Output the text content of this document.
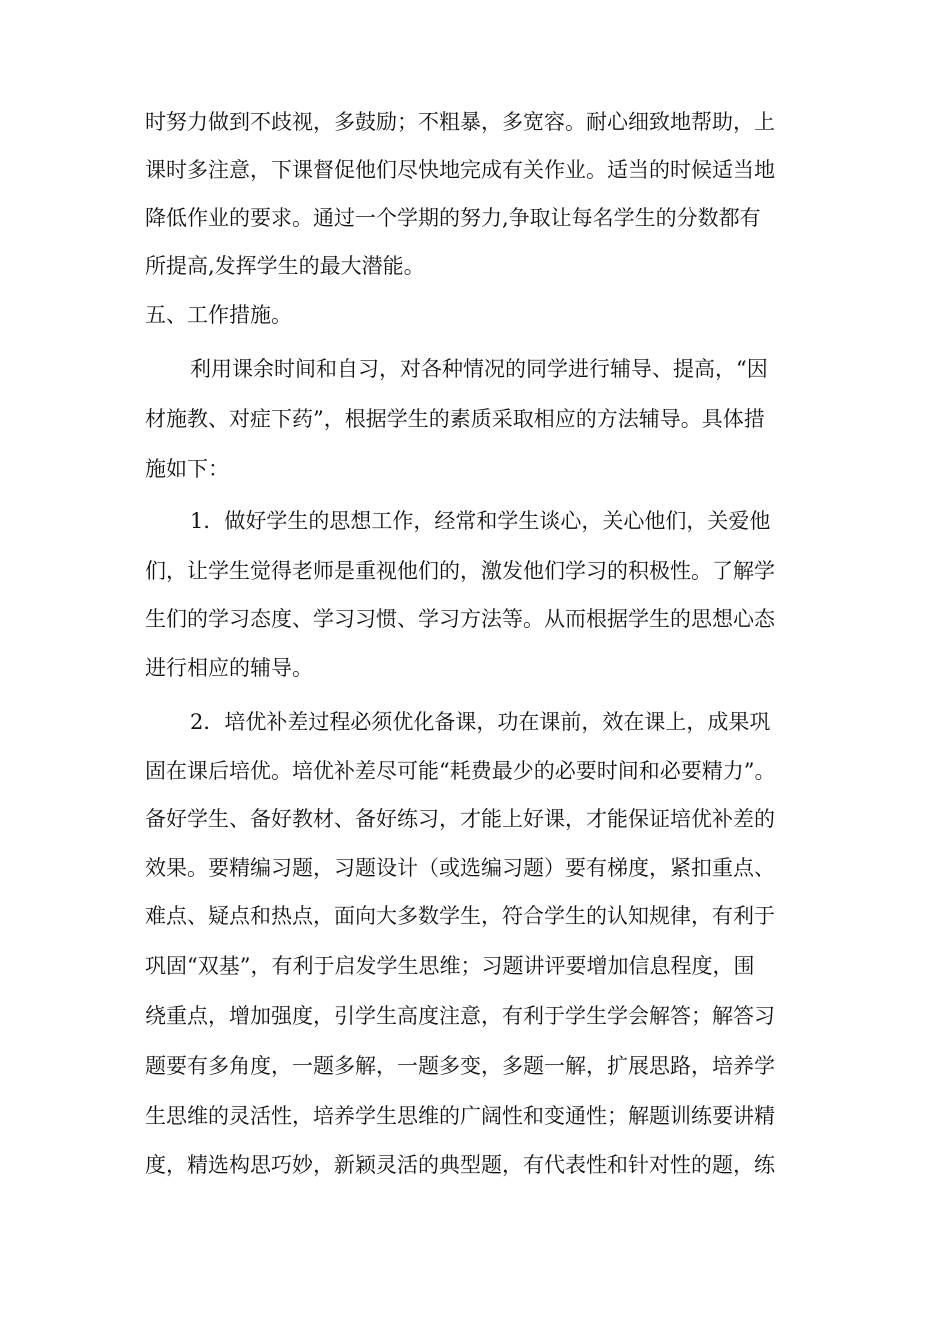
时努力做到不歧视，多鼓励；不粗暴，多宽容。耐心细致地帮助，上
课时多注意，下课督促他们尽快地完成有关作业。适当的时候适当地
降低作业的要求。通过一个学期的努力,争取让每名学生的分数都有
所提高,发挥学生的最大潜能。
五、工作措施。
利用课余时间和自习，对各种情况的同学进行辅导、提高，“因
材施教、对症下药”，根据学生的素质采取相应的方法辅导。具体措
施如下：
1．做好学生的思想工作，经常和学生谈心，关心他们，关爱他
们，让学生觉得老师是重视他们的，激发他们学习的积极性。了解学
生们的学习态度、学习习惯、学习方法等。从而根据学生的思想心态
进行相应的辅导。
2．培优补差过程必须优化备课，功在课前，效在课上，成果巩
固在课后培优。培优补差尽可能“耗费最少的必要时间和必要精力”。
备好学生、备好教材、备好练习，才能上好课，才能保证培优补差的
效果。要精编习题，习题设计（或选编习题）要有梯度，紧扣重点、
难点、疑点和热点，面向大多数学生，符合学生的认知规律，有利于
巩固“双基”，有利于启发学生思维；习题讲评要增加信息程度，围
绕重点，增加强度，引学生高度注意，有利于学生学会解答；解答习
题要有多角度，一题多解，一题多变，多题一解，扩展思路，培养学
生思维的灵活性，培养学生思维的广阔性和变通性；解题训练要讲精
度，精选构思巧妙，新颖灵活的典型题，有代表性和针对性的题，练
